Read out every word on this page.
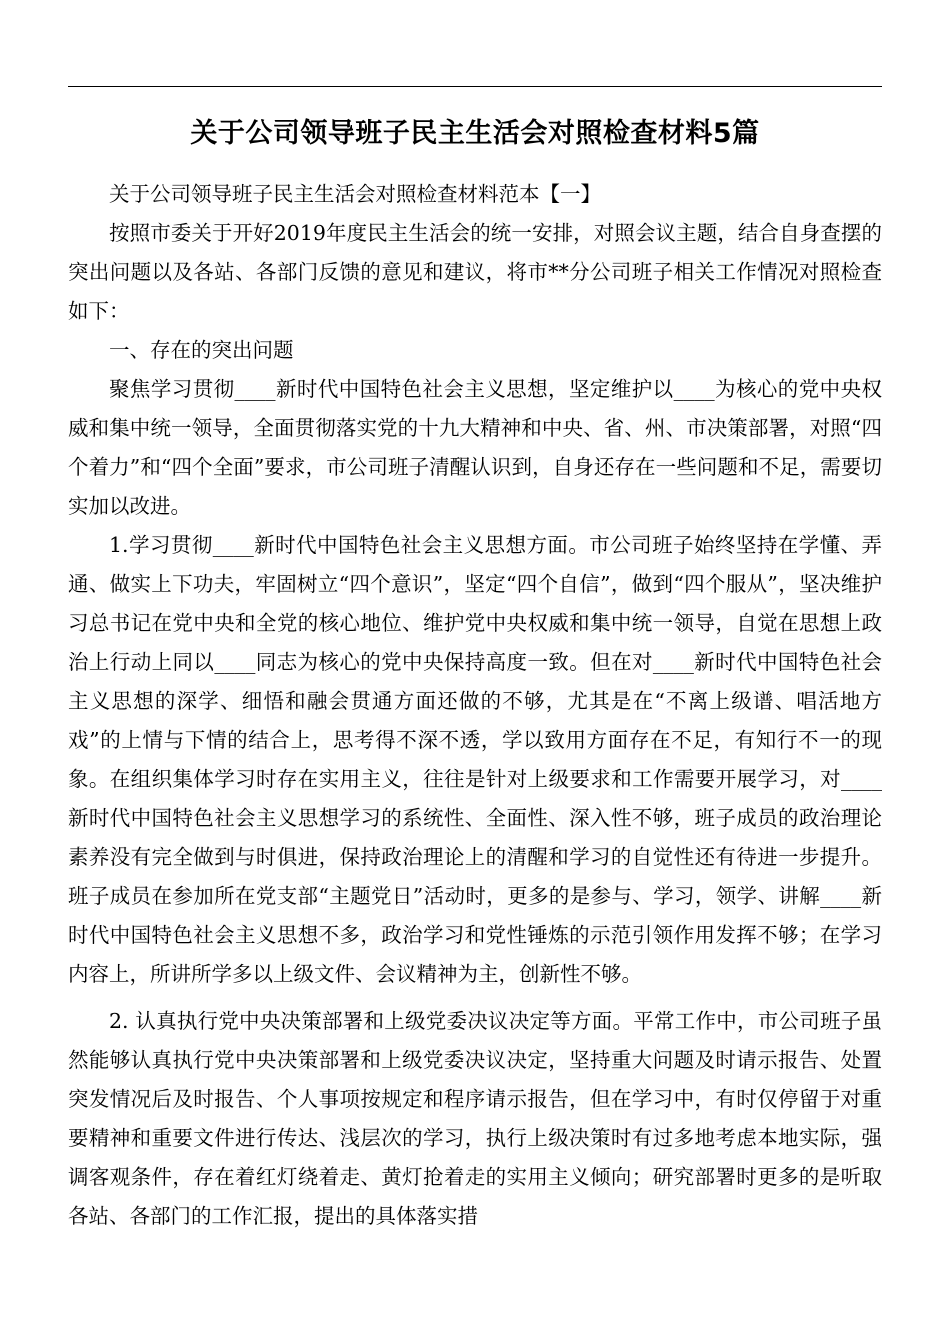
关于公司领导班子民主生活会对照检查材料5篇

关于公司领导班子民主生活会对照检查材料范本【一】

按照市委关于开好2019年度民主生活会的统一安排，对照会议主题，结合自身查摆的突出问题以及各站、各部门反馈的意见和建议，将市**分公司班子相关工作情况对照检查如下：

一、存在的突出问题

聚焦学习贯彻____新时代中国特色社会主义思想，坚定维护以____为核心的党中央权威和集中统一领导，全面贯彻落实党的十九大精神和中央、省、州、市决策部署，对照“四个着力”和“四个全面”要求，市公司班子清醒认识到，自身还存在一些问题和不足，需要切实加以改进。

1.学习贯彻____新时代中国特色社会主义思想方面。市公司班子始终坚持在学懂、弄通、做实上下功夫，牢固树立“四个意识”，坚定“四个自信”，做到“四个服从”，坚决维护习总书记在党中央和全党的核心地位、维护党中央权威和集中统一领导，自觉在思想上政治上行动上同以____同志为核心的党中央保持高度一致。但在对____新时代中国特色社会主义思想的深学、细悟和融会贯通方面还做的不够，尤其是在“不离上级谱、唱活地方戏”的上情与下情的结合上，思考得不深不透，学以致用方面存在不足，有知行不一的现象。在组织集体学习时存在实用主义，往往是针对上级要求和工作需要开展学习，对____新时代中国特色社会主义思想学习的系统性、全面性、深入性不够，班子成员的政治理论素养没有完全做到与时俱进，保持政治理论上的清醒和学习的自觉性还有待进一步提升。班子成员在参加所在党支部“主题党日”活动时，更多的是参与、学习，领学、讲解____新时代中国特色社会主义思想不多，政治学习和党性锤炼的示范引领作用发挥不够；在学习内容上，所讲所学多以上级文件、会议精神为主，创新性不够。

2. 认真执行党中央决策部署和上级党委决议决定等方面。平常工作中，市公司班子虽然能够认真执行党中央决策部署和上级党委决议决定，坚持重大问题及时请示报告、处置突发情况后及时报告、个人事项按规定和程序请示报告，但在学习中，有时仅停留于对重要精神和重要文件进行传达、浅层次的学习，执行上级决策时有过多地考虑本地实际，强调客观条件，存在着红灯绕着走、黄灯抢着走的实用主义倾向；研究部署时更多的是听取各站、各部门的工作汇报，提出的具体落实措
